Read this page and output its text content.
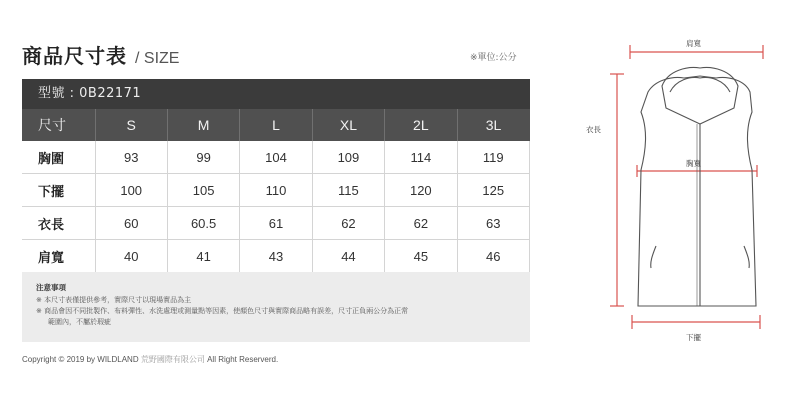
商品尺寸表 / SIZE	※單位:公分
型號 : 0B22171
尺寸	S	M	L	XL	2L	3L
胸圍	93	99	104	109	114	119
下擺	100	105	110	115	120	125
衣長	60	60.5	61	62	62	63
肩寬	40	41	43	44	45	46
注意事項
※ 本尺寸表僅提供參考，實際尺寸以現場實品為主
※ 商品會因不同批製作、布料彈性、水洗處理或測量點等因素，使顏色尺寸與實際商品略有誤差，尺寸正負兩公分為正常
範圍內，不屬於瑕疵
Copyright © 2019 by WILDLAND 荒野國際有限公司 All Right Reserverd.
肩寬
衣長
胸寬
下擺
